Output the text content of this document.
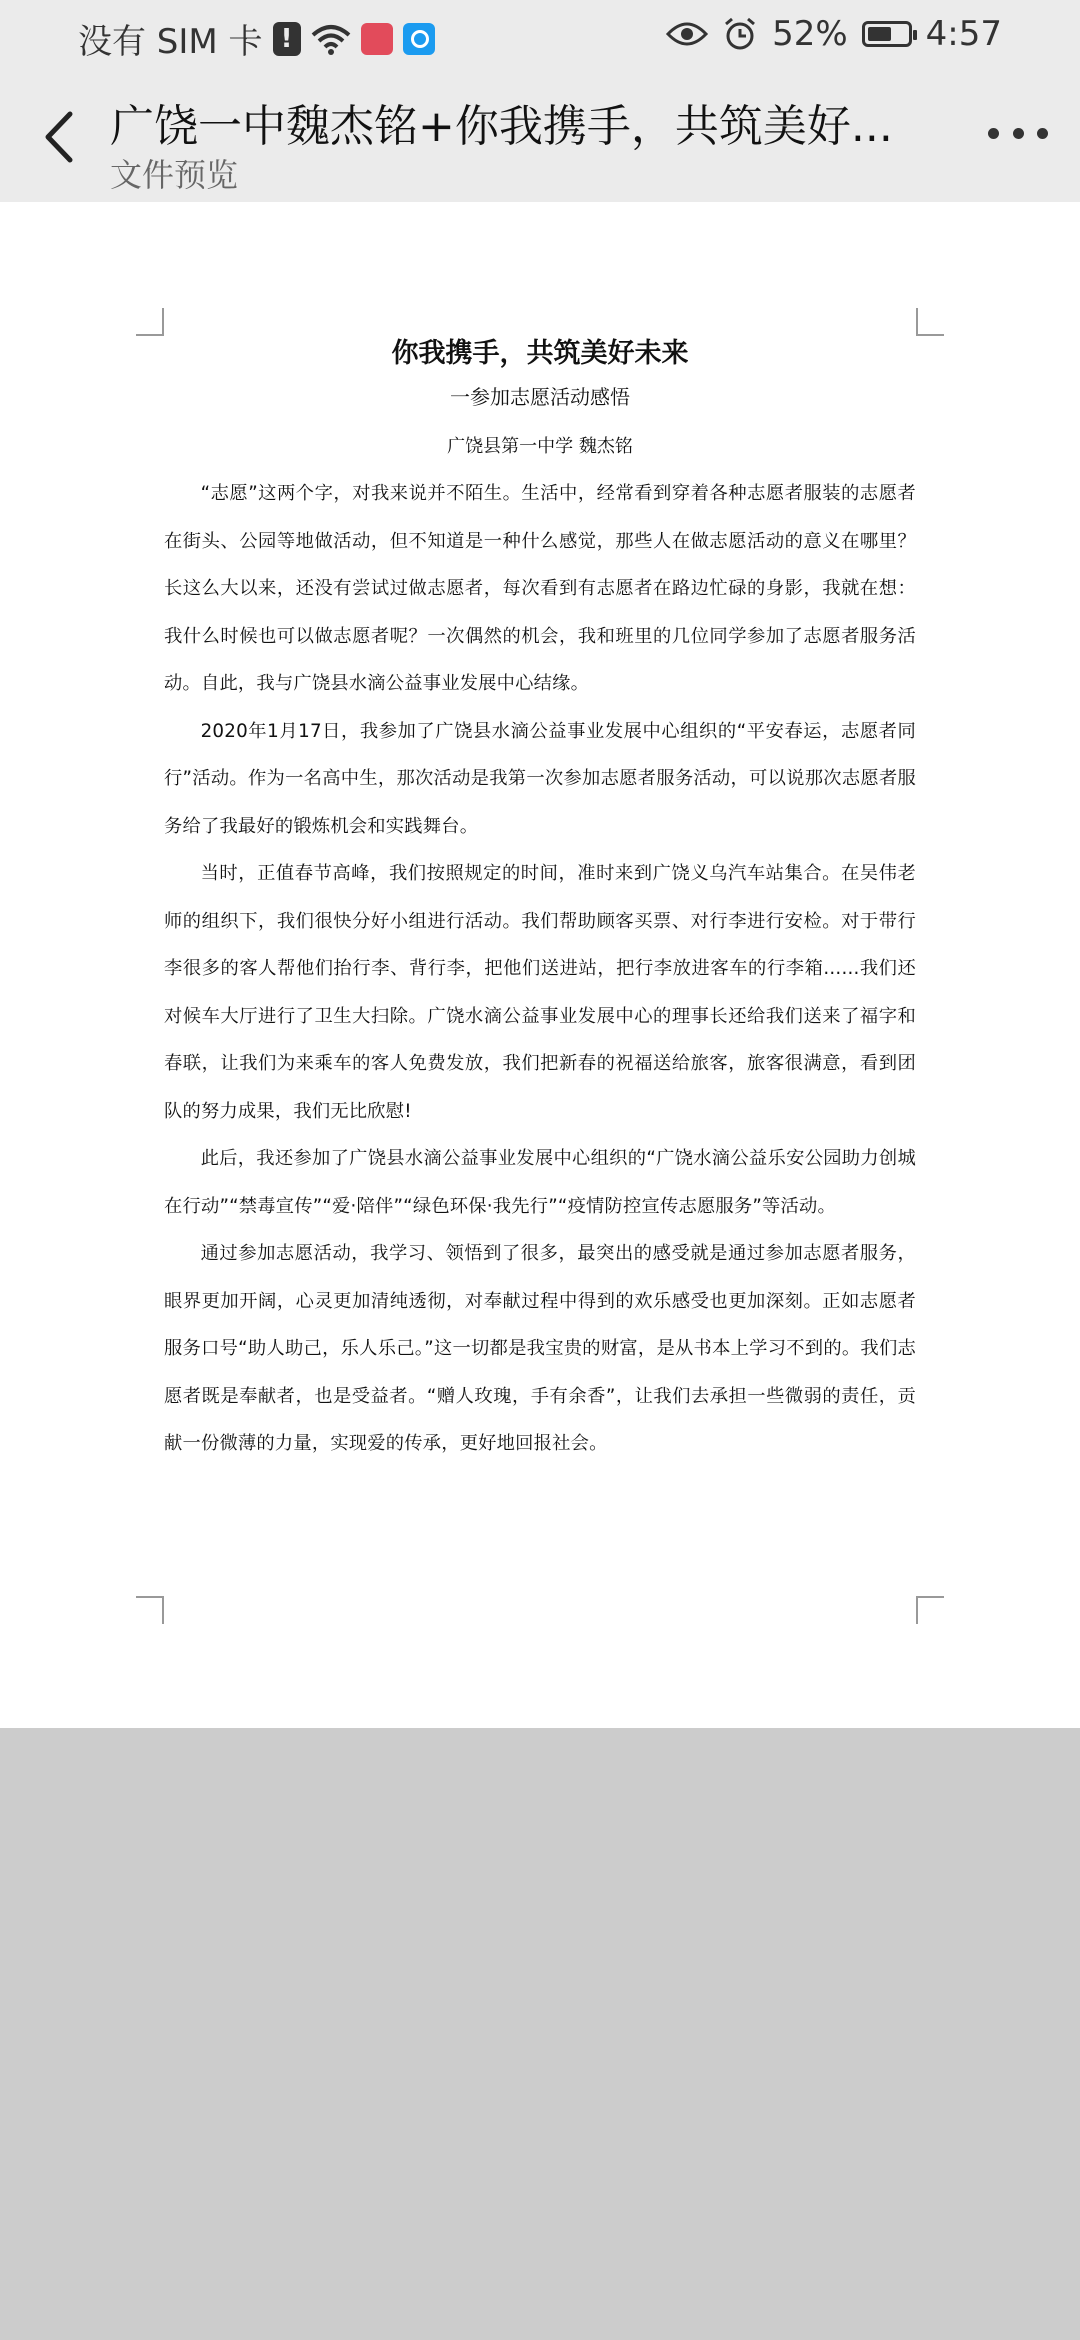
没有 SIM 卡 !	52% 4:57
广饶一中魏杰铭+你我携手，共筑美好...
文件预览

你我携手，共筑美好未来

一参加志愿活动感悟

广饶县第一中学 魏杰铭

“志愿”这两个字，对我来说并不陌生。生活中，经常看到穿着各种志愿者服装的志愿者在街头、公园等地做活动，但不知道是一种什么感觉，那些人在做志愿活动的意义在哪里？长这么大以来，还没有尝试过做志愿者，每次看到有志愿者在路边忙碌的身影，我就在想：我什么时候也可以做志愿者呢？一次偶然的机会，我和班里的几位同学参加了志愿者服务活动。自此，我与广饶县水滴公益事业发展中心结缘。

2020年1月17日，我参加了广饶县水滴公益事业发展中心组织的“平安春运，志愿者同行”活动。作为一名高中生，那次活动是我第一次参加志愿者服务活动，可以说那次志愿者服务给了我最好的锻炼机会和实践舞台。

当时，正值春节高峰，我们按照规定的时间，准时来到广饶义乌汽车站集合。在吴伟老师的组织下，我们很快分好小组进行活动。我们帮助顾客买票、对行李进行安检。对于带行李很多的客人帮他们抬行李、背行李，把他们送进站，把行李放进客车的行李箱......我们还对候车大厅进行了卫生大扫除。广饶水滴公益事业发展中心的理事长还给我们送来了福字和春联，让我们为来乘车的客人免费发放，我们把新春的祝福送给旅客，旅客很满意，看到团队的努力成果，我们无比欣慰!

此后，我还参加了广饶县水滴公益事业发展中心组织的“广饶水滴公益乐安公园助力创城在行动”“禁毒宣传”“爱·陪伴”“绿色环保·我先行”“疫情防控宣传志愿服务”等活动。

通过参加志愿活动，我学习、领悟到了很多，最突出的感受就是通过参加志愿者服务，眼界更加开阔，心灵更加清纯透彻，对奉献过程中得到的欢乐感受也更加深刻。正如志愿者服务口号“助人助己，乐人乐己。”这一切都是我宝贵的财富，是从书本上学习不到的。我们志愿者既是奉献者，也是受益者。“赠人玫瑰，手有余香”，让我们去承担一些微弱的责任，贡献一份微薄的力量，实现爱的传承，更好地回报社会。
